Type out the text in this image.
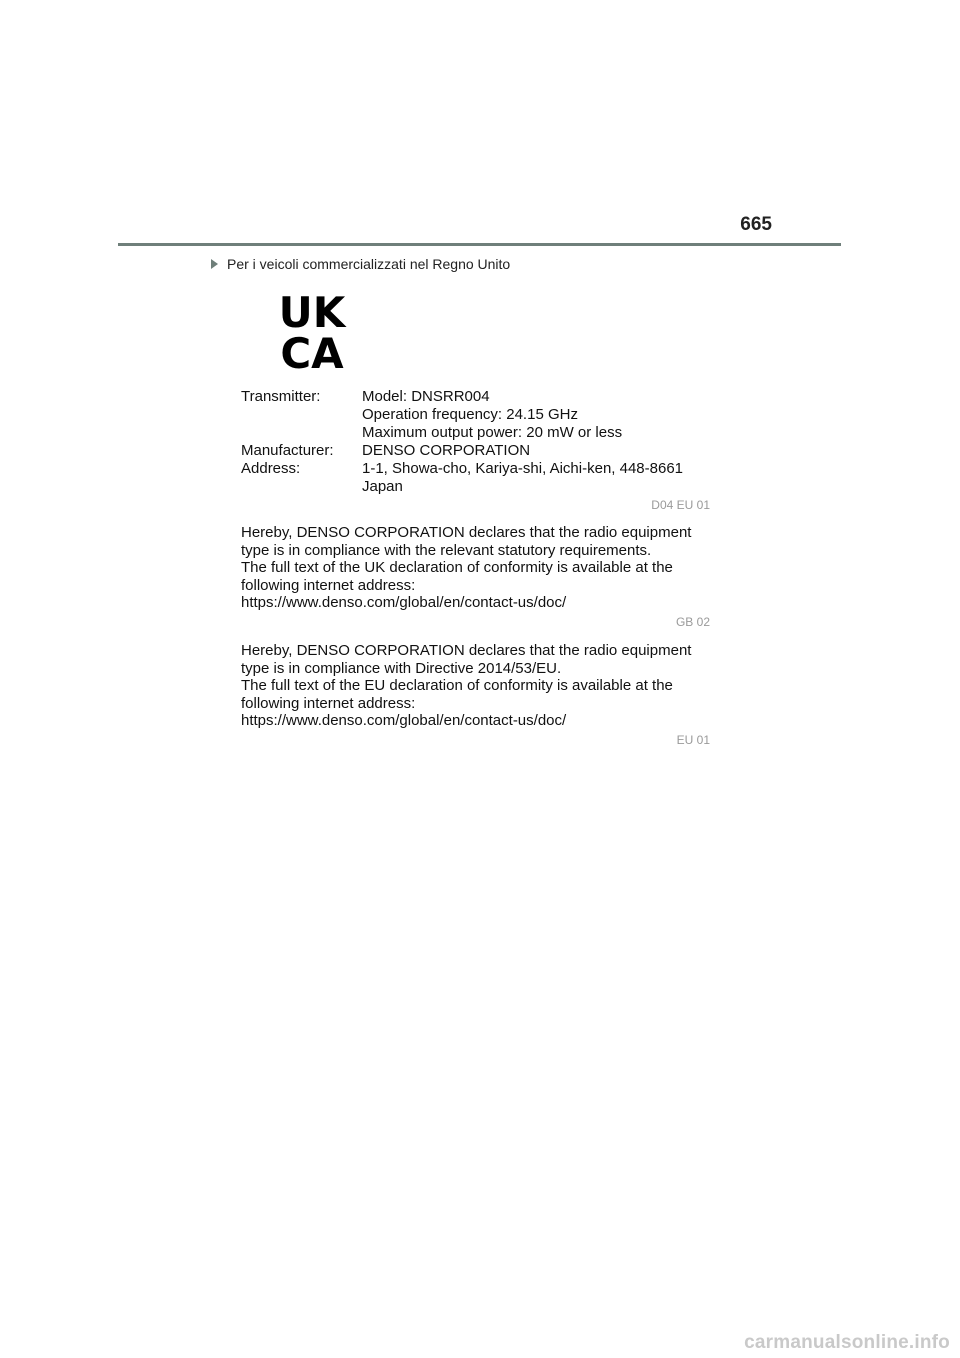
665
Per i veicoli commercializzati nel Regno Unito
UK
CA
Transmitter:	Model: DNSRR004
Operation frequency: 24.15 GHz
Maximum output power: 20 mW or less
Manufacturer: DENSO CORPORATION
Address:	1-1, Showa-cho, Kariya-shi, Aichi-ken, 448-8661
Japan
D04 EU 01
Hereby, DENSO CORPORATION declares that the radio equipment
type is in compliance with the relevant statutory requirements.
The full text of the UK declaration of conformity is available at the
following internet address:
https://www.denso.com/global/en/contact-us/doc/
GB 02
Hereby, DENSO CORPORATION declares that the radio equipment
type is in compliance with Directive 2014/53/EU.
The full text of the EU declaration of conformity is available at the
following internet address:
https://www.denso.com/global/en/contact-us/doc/
EU 01
carmanualsonline.info
